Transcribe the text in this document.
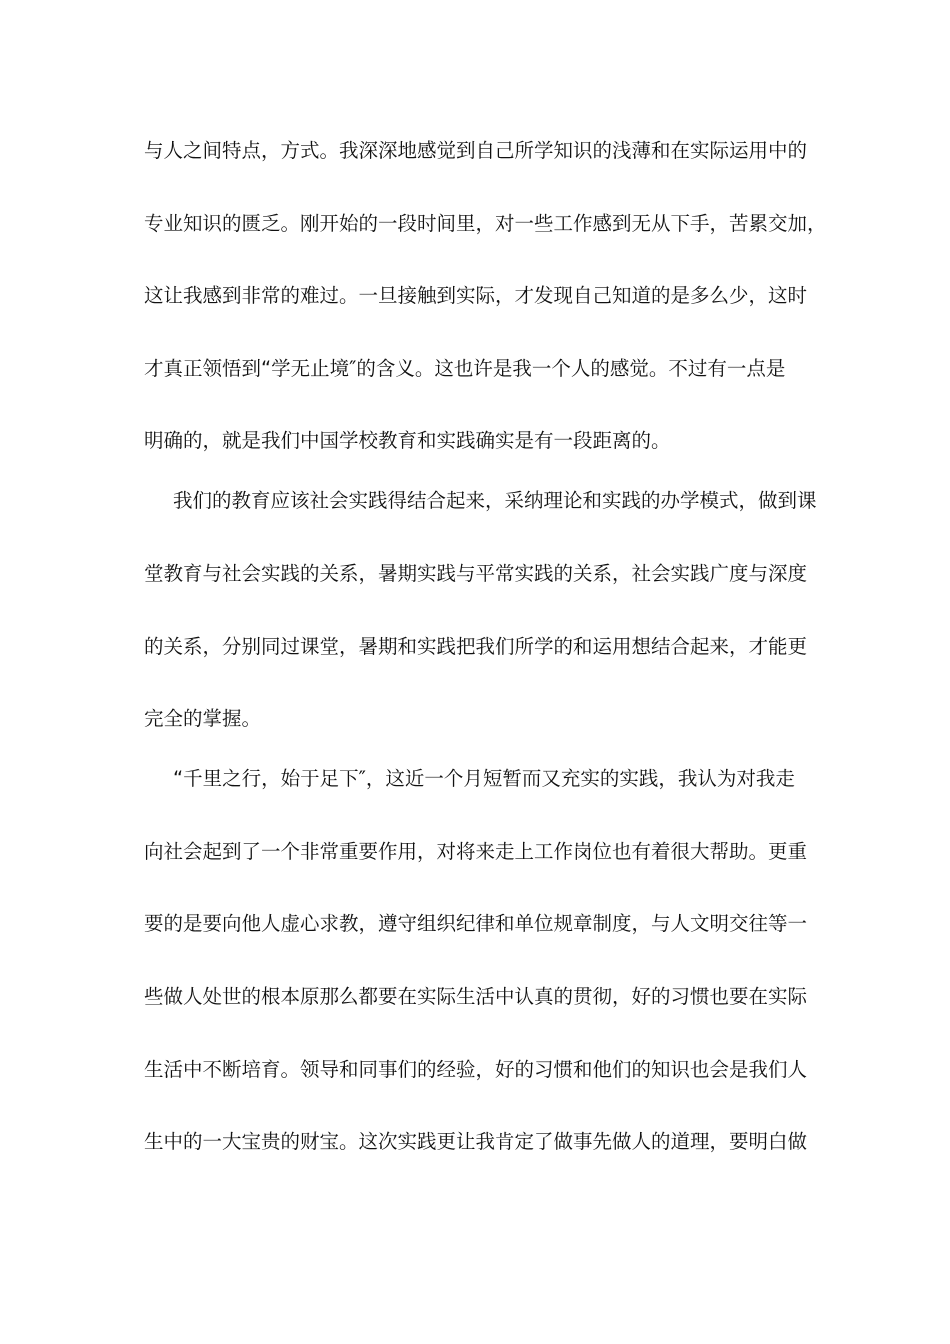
与人之间特点，方式。我深深地感觉到自己所学知识的浅薄和在实际运用中的
专业知识的匮乏。刚开始的一段时间里，对一些工作感到无从下手，苦累交加，
这让我感到非常的难过。一旦接触到实际，才发现自己知道的是多么少，这时
才真正领悟到“学无止境″的含义。这也许是我一个人的感觉。不过有一点是
明确的，就是我们中国学校教育和实践确实是有一段距离的。
我们的教育应该社会实践得结合起来，采纳理论和实践的办学模式，做到课
堂教育与社会实践的关系，暑期实践与平常实践的关系，社会实践广度与深度
的关系，分别同过课堂，暑期和实践把我们所学的和运用想结合起来，才能更
完全的掌握。
“千里之行，始于足下″，这近一个月短暂而又充实的实践，我认为对我走
向社会起到了一个非常重要作用，对将来走上工作岗位也有着很大帮助。更重
要的是要向他人虚心求教，遵守组织纪律和单位规章制度，与人文明交往等一
些做人处世的根本原那么都要在实际生活中认真的贯彻，好的习惯也要在实际
生活中不断培育。领导和同事们的经验，好的习惯和他们的知识也会是我们人
生中的一大宝贵的财宝。这次实践更让我肯定了做事先做人的道理，要明白做
